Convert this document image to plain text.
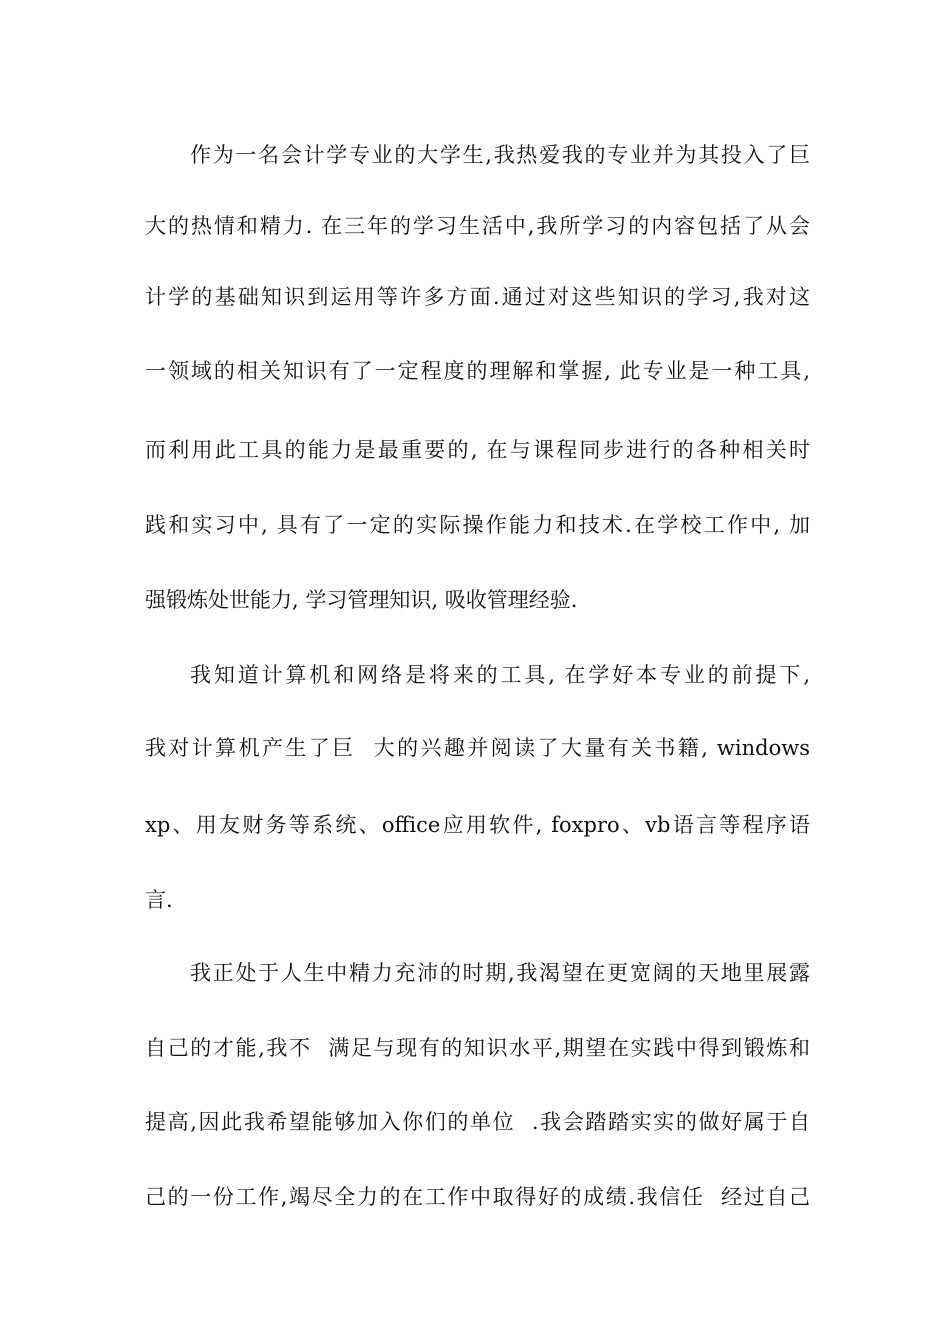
作为一名会计学专业的大学生,我热爱我的专业并为其投入了巨
大的热情和精力. 在三年的学习生活中,我所学习的内容包括了从会
计学的基础知识到运用等许多方面.通过对这些知识的学习,我对这
一领域的相关知识有了一定程度的理解和掌握, 此专业是一种工具,
而利用此工具的能力是最重要的, 在与课程同步进行的各种相关时
践和实习中, 具有了一定的实际操作能力和技术.在学校工作中, 加
强锻炼处世能力, 学习管理知识, 吸收管理经验.
我知道计算机和网络是将来的工具, 在学好本专业的前提下,
我对计算机产生了巨  大的兴趣并阅读了大量有关书籍, windows
xp、用友财务等系统、office应用软件, foxpro、vb语言等程序语
言.
我正处于人生中精力充沛的时期,我渴望在更宽阔的天地里展露
自己的才能,我不  满足与现有的知识水平,期望在实践中得到锻炼和
提高,因此我希望能够加入你们的单位  .我会踏踏实实的做好属于自
己的一份工作,竭尽全力的在工作中取得好的成绩.我信任  经过自己
